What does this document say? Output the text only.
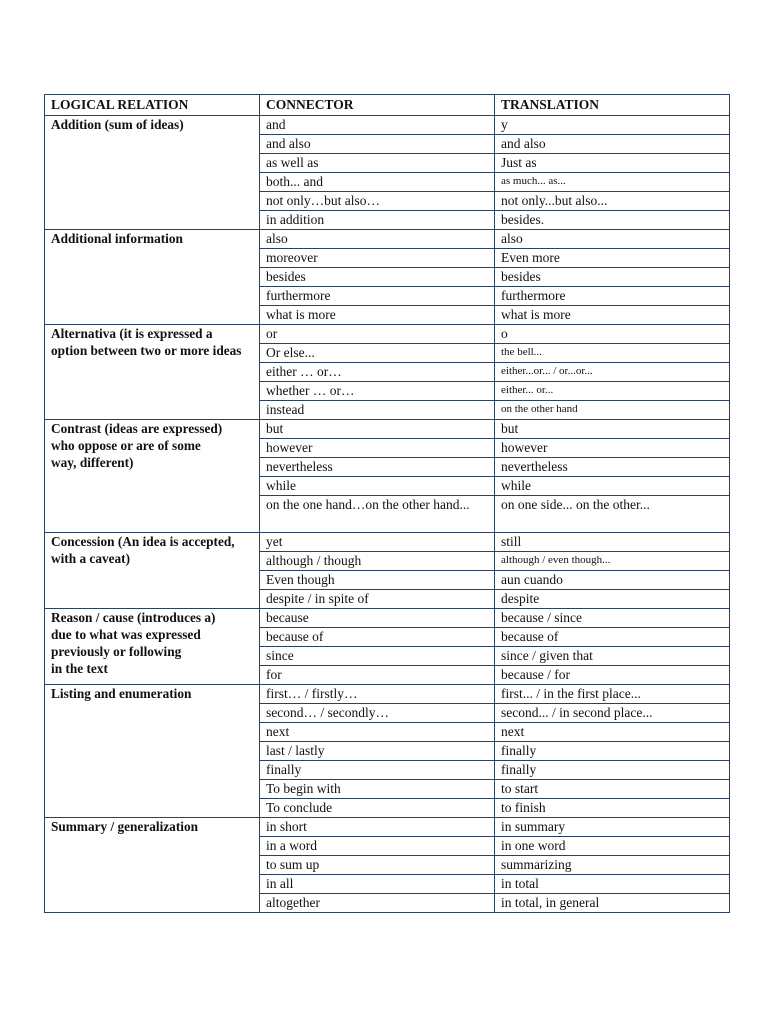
LOGICAL RELATION	CONNECTOR	TRANSLATION

Addition (sum of ideas)	and	y
	and also	and also
	as well as	Just as
	both... and	as much... as...
	not only…but also…	not only...but also...
	in addition	besides.

Additional information	also	also
	moreover	Even more
	besides	besides
	furthermore	furthermore
	what is more	what is more

Alternativa (it is expressed a
option between two or more ideas	or	o
	Or else...	the bell...
	either … or…	either...or... / or...or...
	whether … or…	either... or...
	instead	on the other hand

Contrast (ideas are expressed)
who oppose or are of some
way, different)	but	but
	however	however
	nevertheless	nevertheless
	while	while
	on the one hand…on the other hand...	on one side... on the other...

Concession (An idea is accepted,
with a caveat)	yet	still
	although / though	although / even though...
	Even though	aun cuando
	despite / in spite of	despite

Reason / cause (introduces a)
due to what was expressed
previously or following
in the text	because	because / since
	because of	because of
	since	since / given that
	for	because / for

Listing and enumeration	first… / firstly…	first... / in the first place...
	second… / secondly…	second... / in second place...
	next	next
	last / lastly	finally
	finally	finally
	To begin with	to start
	To conclude	to finish

Summary / generalization	in short	in summary
	in a word	in one word
	to sum up	summarizing
	in all	in total
	altogether	in total, in general
